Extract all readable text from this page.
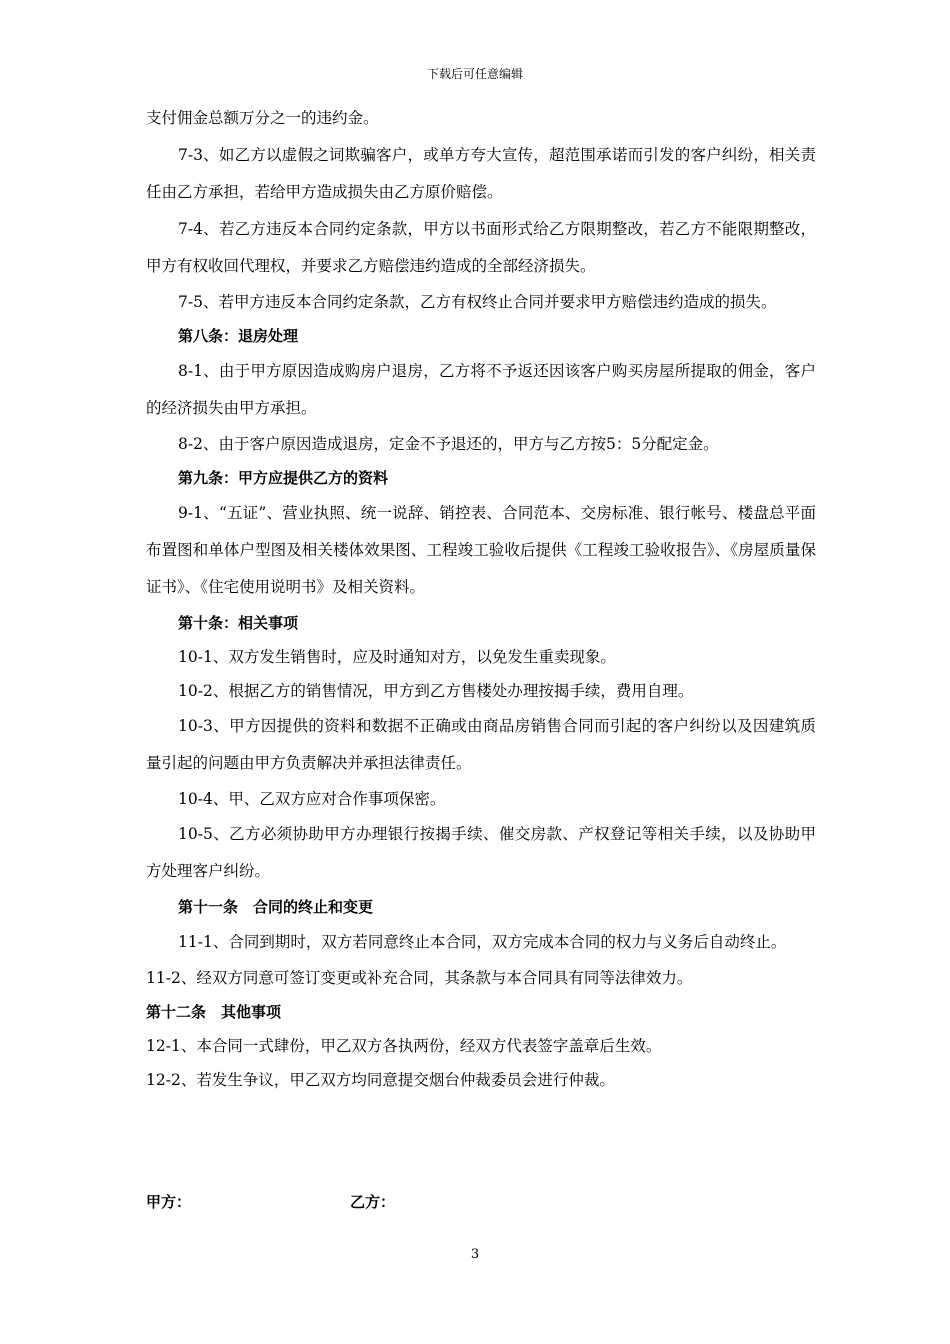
下载后可任意编辑

支付佣金总额万分之一的违约金。

7-3、如乙方以虚假之词欺骗客户，或单方夸大宣传，超范围承诺而引发的客户纠纷，相关责任由乙方承担，若给甲方造成损失由乙方原价赔偿。

7-4、若乙方违反本合同约定条款，甲方以书面形式给乙方限期整改，若乙方不能限期整改，甲方有权收回代理权，并要求乙方赔偿违约造成的全部经济损失。

7-5、若甲方违反本合同约定条款，乙方有权终止合同并要求甲方赔偿违约造成的损失。

第八条：退房处理

8-1、由于甲方原因造成购房户退房，乙方将不予返还因该客户购买房屋所提取的佣金，客户的经济损失由甲方承担。

8-2、由于客户原因造成退房，定金不予退还的，甲方与乙方按5：5分配定金。

第九条：甲方应提供乙方的资料

9-1、“五证”、营业执照、统一说辞、销控表、合同范本、交房标准、银行帐号、楼盘总平面布置图和单体户型图及相关楼体效果图、工程竣工验收后提供《工程竣工验收报告》、《房屋质量保证书》、《住宅使用说明书》及相关资料。

第十条：相关事项

10-1、双方发生销售时，应及时通知对方，以免发生重卖现象。

10-2、根据乙方的销售情况，甲方到乙方售楼处办理按揭手续，费用自理。

10-3、甲方因提供的资料和数据不正确或由商品房销售合同而引起的客户纠纷以及因建筑质量引起的问题由甲方负责解决并承担法律责任。

10-4、甲、乙双方应对合作事项保密。

10-5、乙方必须协助甲方办理银行按揭手续、催交房款、产权登记等相关手续，以及协助甲方处理客户纠纷。

第十一条　合同的终止和变更

11-1、合同到期时，双方若同意终止本合同，双方完成本合同的权力与义务后自动终止。

11-2、经双方同意可签订变更或补充合同，其条款与本合同具有同等法律效力。

第十二条　其他事项

12-1、本合同一式肆份，甲乙双方各执两份，经双方代表签字盖章后生效。

12-2、若发生争议，甲乙双方均同意提交烟台仲裁委员会进行仲裁。

甲方：	乙方：
3
